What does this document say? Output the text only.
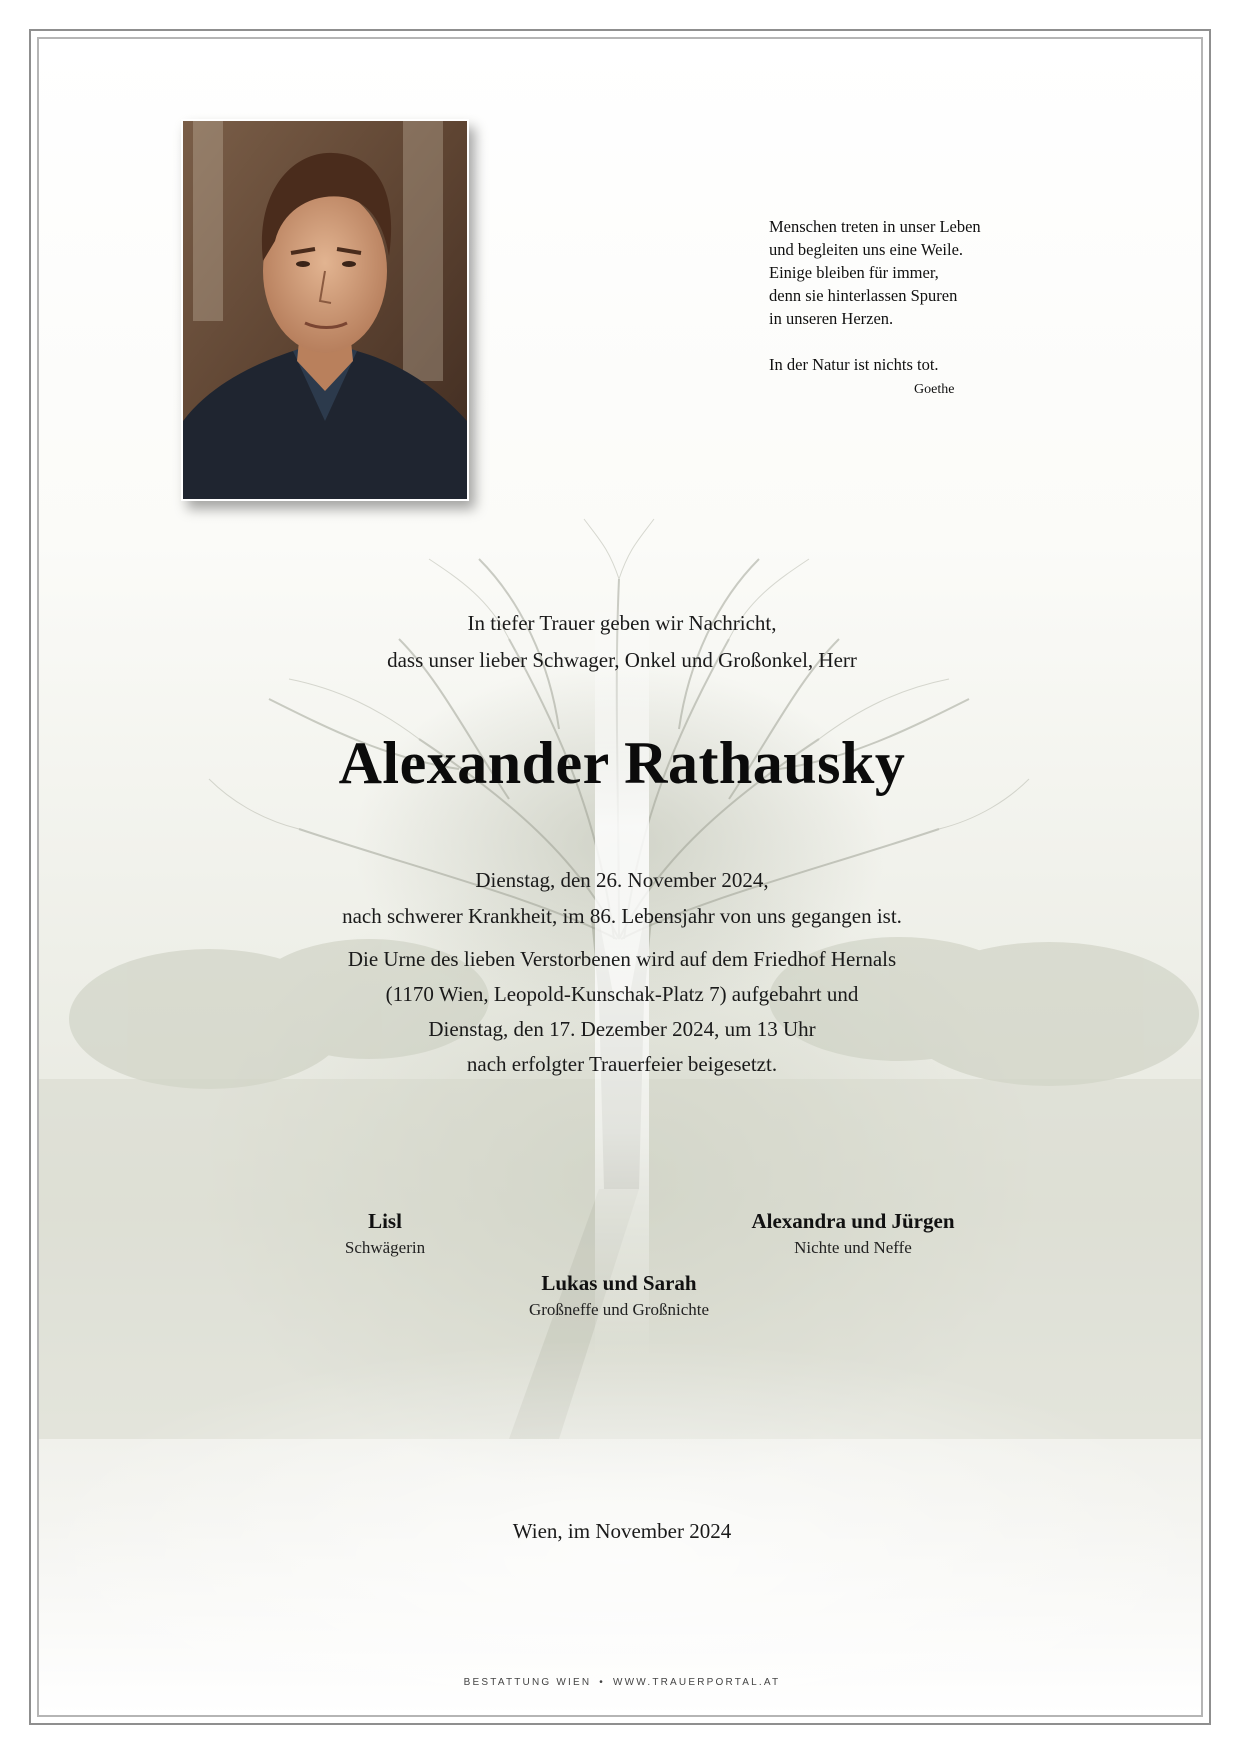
Menschen treten in unser Leben
und begleiten uns eine Weile.
Einige bleiben für immer,
denn sie hinterlassen Spuren
in unseren Herzen.
In der Natur ist nichts tot.
Goethe
In tiefer Trauer geben wir Nachricht,
dass unser lieber Schwager, Onkel und Großonkel, Herr
Alexander Rathausky
Dienstag, den 26. November 2024,
nach schwerer Krankheit, im 86. Lebensjahr von uns gegangen ist.
Die Urne des lieben Verstorbenen wird auf dem Friedhof Hernals
(1170 Wien, Leopold-Kunschak-Platz 7) aufgebahrt und
Dienstag, den 17. Dezember 2024, um 13 Uhr
nach erfolgter Trauerfeier beigesetzt.
Lisl
Schwägerin
Alexandra und Jürgen
Nichte und Neffe
Lukas und Sarah
Großneffe und Großnichte
Wien, im November 2024
BESTATTUNG WIEN • WWW.TRAUERPORTAL.AT
